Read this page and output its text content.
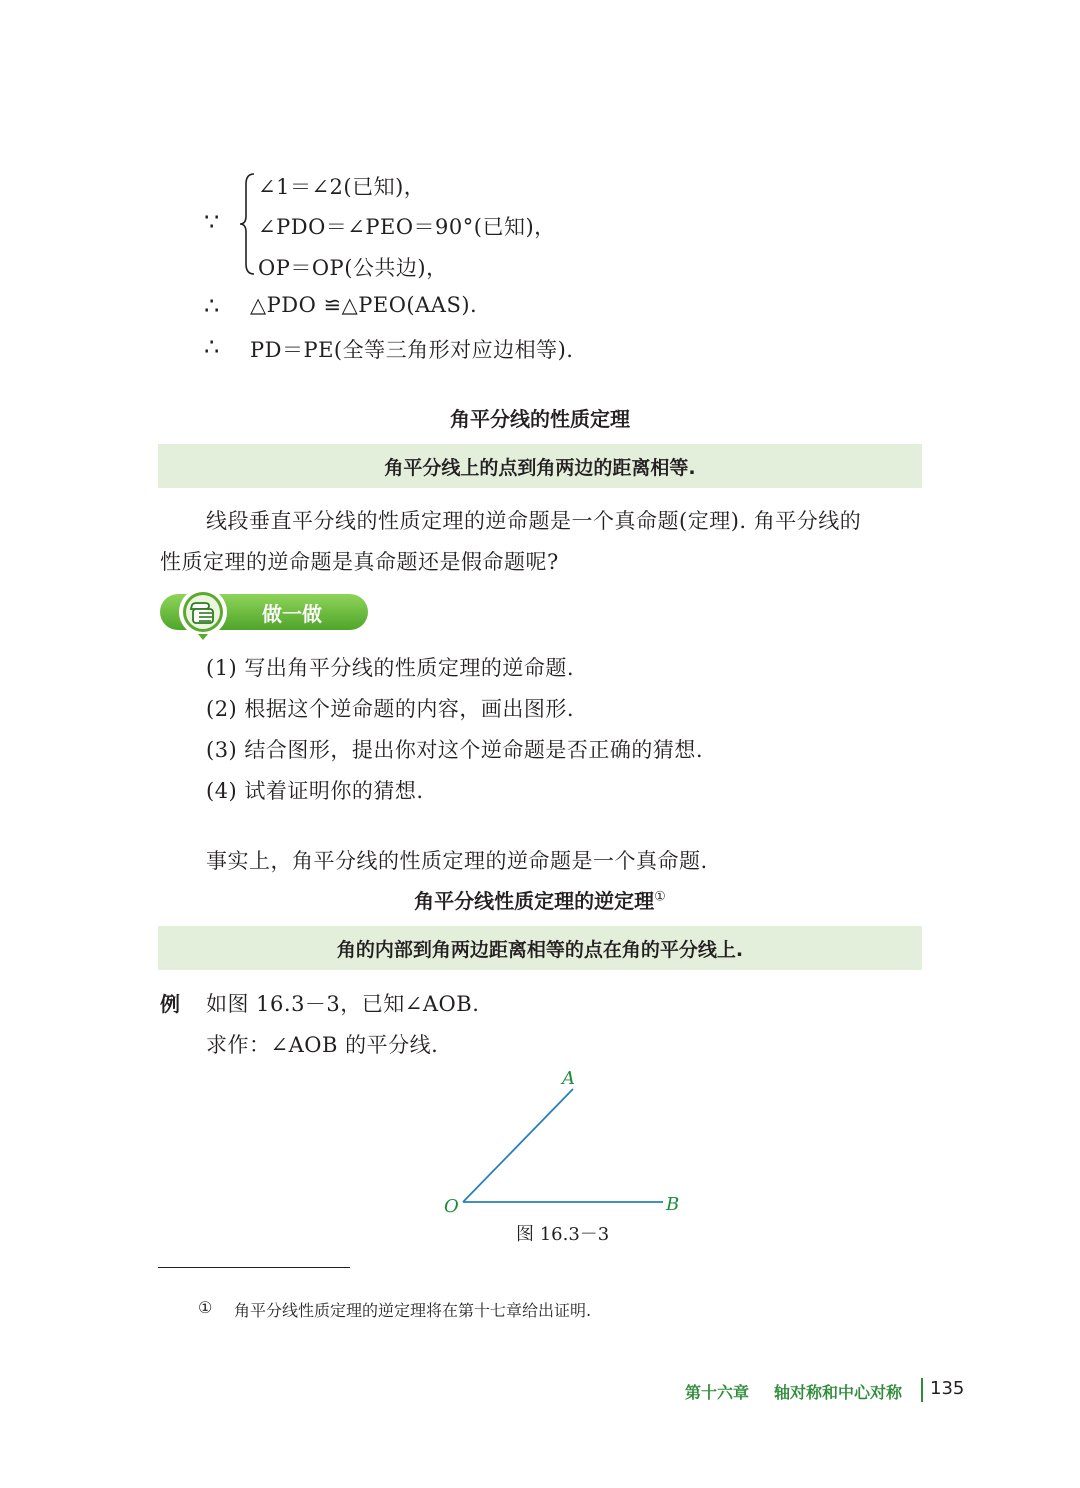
∵
∠1＝∠2(已知)，
∠PDO＝∠PEO＝90°(已知)，
OP＝OP(公共边)，
∴ △PDO ≌△PEO(AAS).
∴ PD＝PE(全等三角形对应边相等).
角平分线的性质定理
角平分线上的点到角两边的距离相等.
线段垂直平分线的性质定理的逆命题是一个真命题(定理). 角平分线的
性质定理的逆命题是真命题还是假命题呢?
做一做
(1) 写出角平分线的性质定理的逆命题.
(2) 根据这个逆命题的内容，画出图形.
(3) 结合图形，提出你对这个逆命题是否正确的猜想.
(4) 试着证明你的猜想.
事实上，角平分线的性质定理的逆命题是一个真命题.
角平分线性质定理的逆定理①
角的内部到角两边距离相等的点在角的平分线上.
例 如图 16.3－3，已知∠AOB.
求作：∠AOB 的平分线.
A
O	B
图 16.3－3
① 角平分线性质定理的逆定理将在第十七章给出证明.
第十六章 轴对称和中心对称 135
